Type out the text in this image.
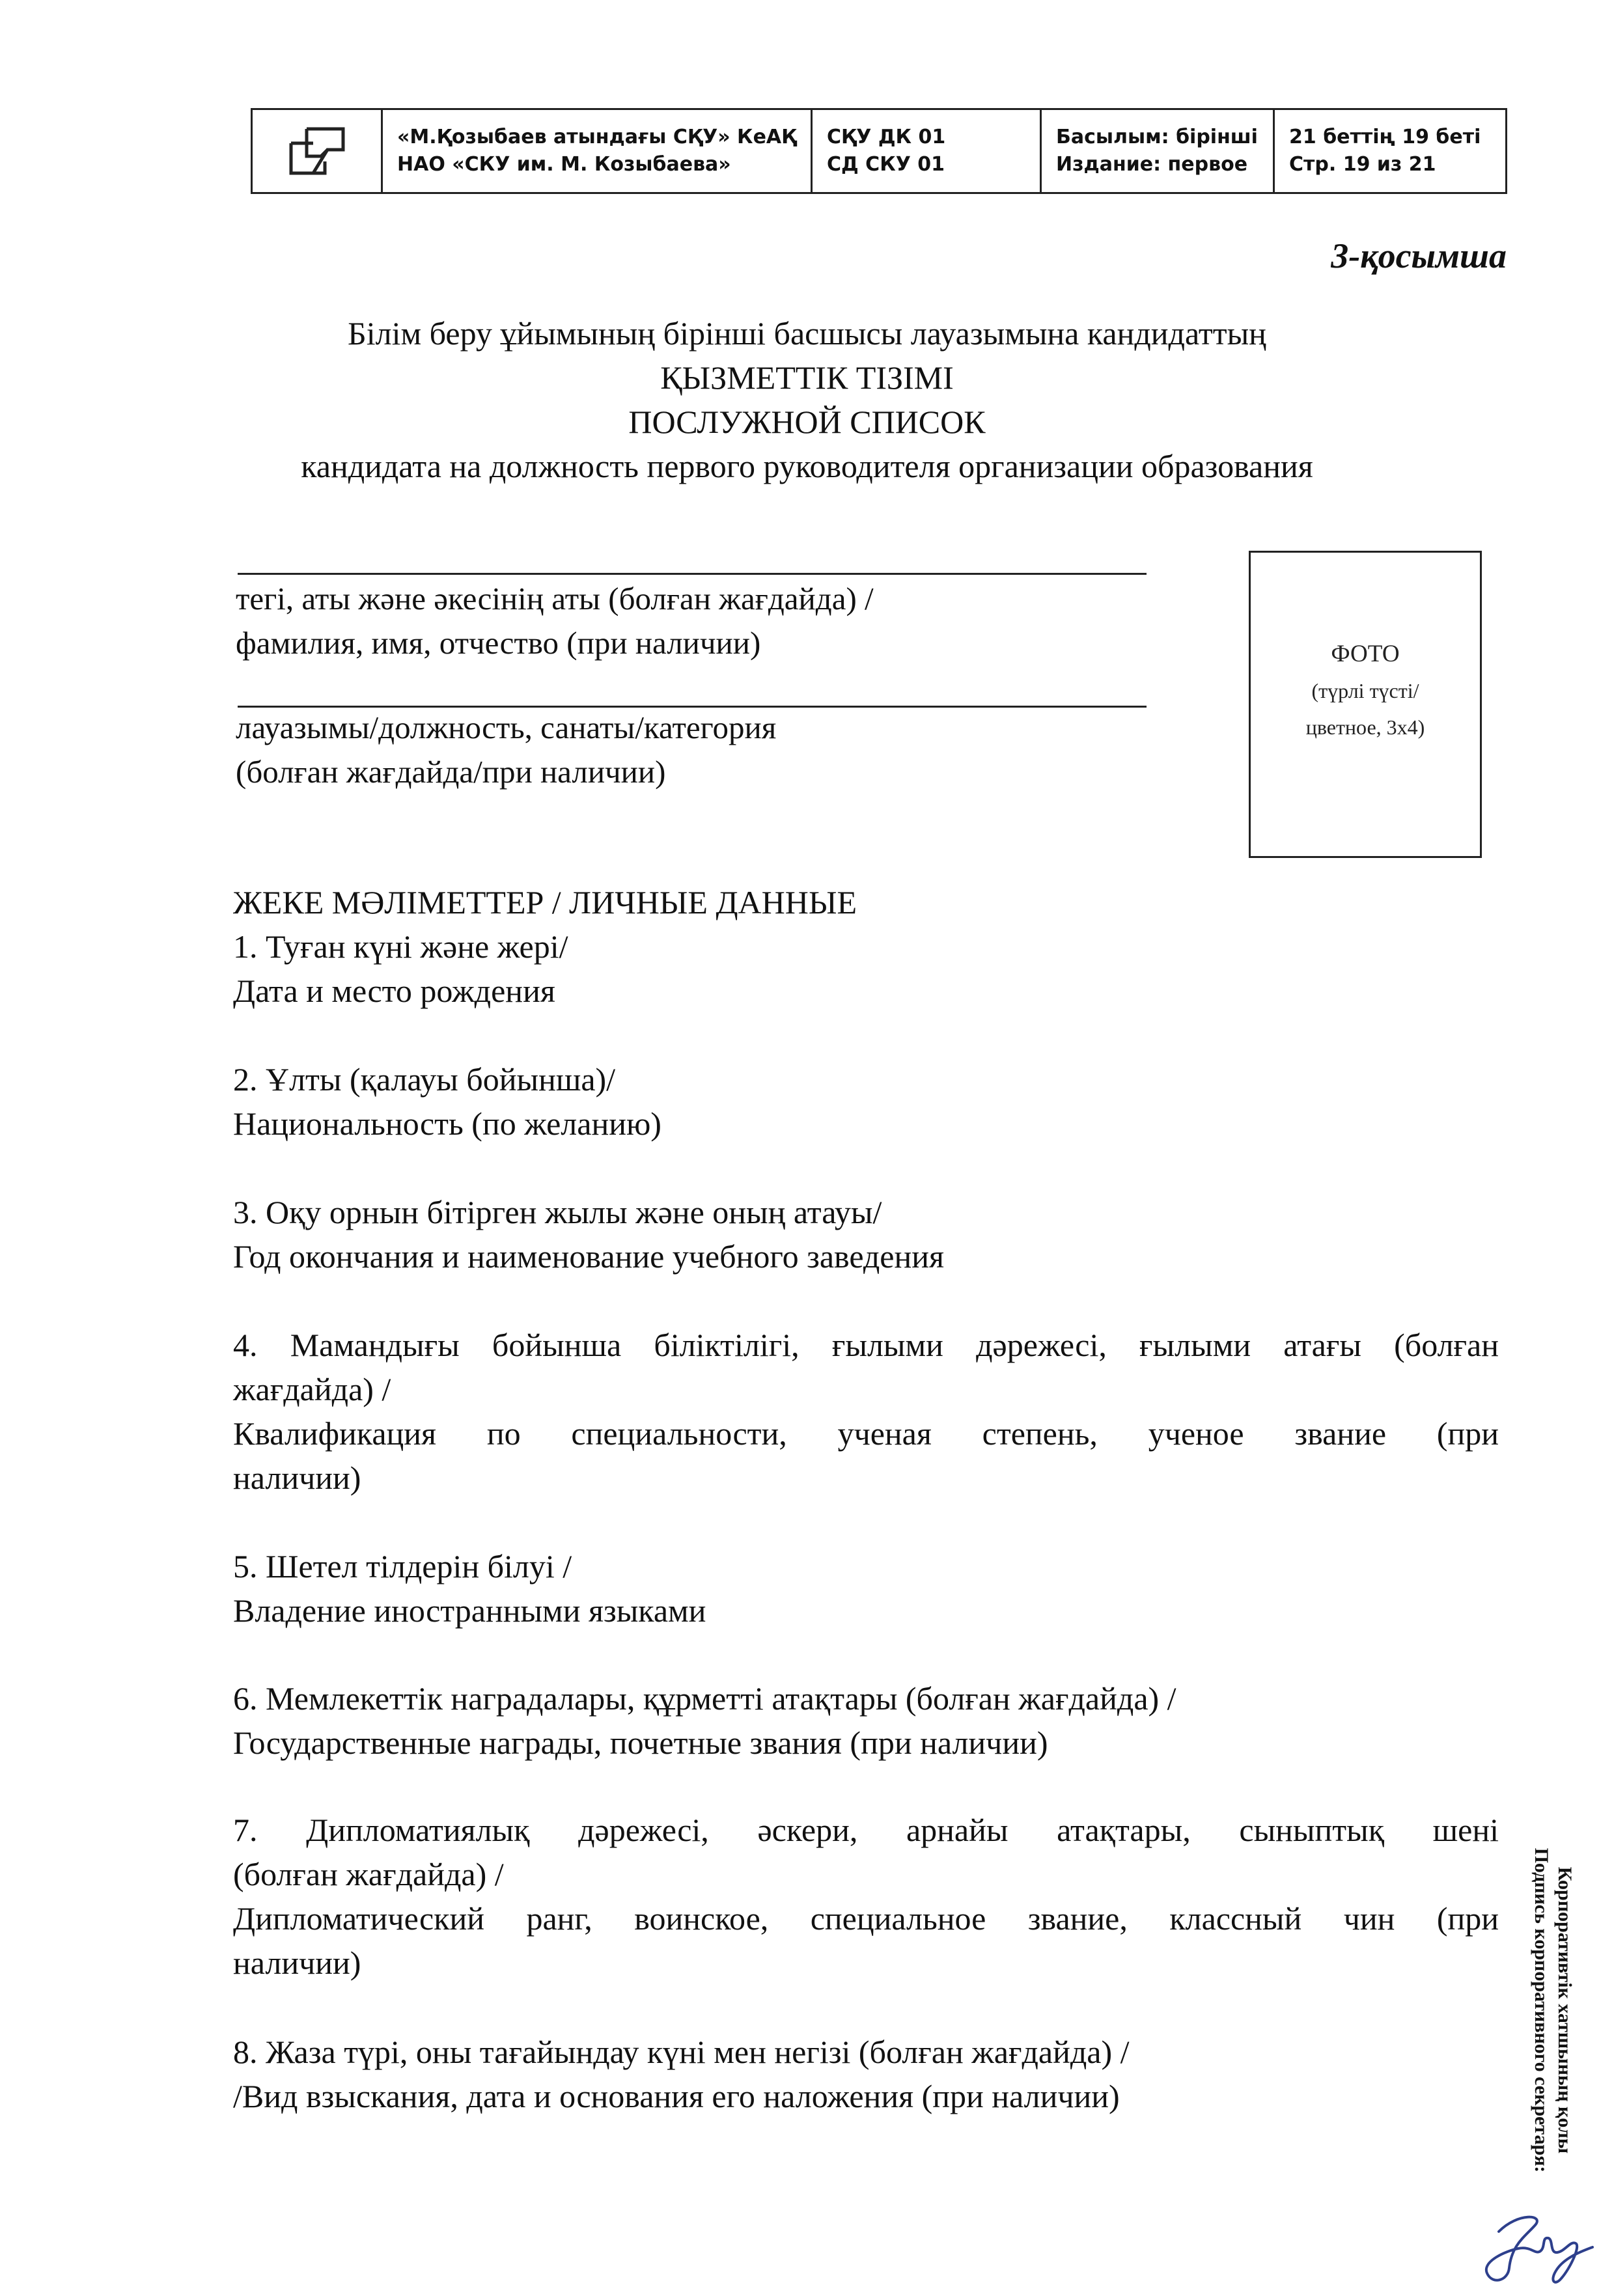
«М.Қозыбаев атындағы СҚУ» КеАҚ
НАО «СКУ им. М. Козыбаева»
СҚУ ДК 01
СД СКУ 01
Басылым: бірінші
Издание: первое
21 беттің 19 беті
Стр. 19 из 21
3-қосымша
Білім беру ұйымының бірінші басшысы лауазымына кандидаттың
ҚЫЗМЕТТІК ТІЗІМІ
ПОСЛУЖНОЙ СПИСОК
кандидата на должность первого руководителя организации образования
тегі, аты және әкесінің аты (болған жағдайда) /
фамилия, имя, отчество (при наличии)
лауазымы/должность, санаты/категория
(болған жағдайда/при наличии)
ФОТО
(түрлі түсті/
цветное, 3х4)
ЖЕКЕ МӘЛІМЕТТЕР / ЛИЧНЫЕ ДАННЫЕ
1. Туған күні және жері/
Дата и место рождения
2. Ұлты (қалауы бойынша)/
Национальность (по желанию)
3. Оқу орнын бітірген жылы және оның атауы/
Год окончания и наименование учебного заведения
4. Мамандығы бойынша біліктілігі, ғылыми дәрежесі, ғылыми атағы (болған
жағдайда) /
Квалификация по специальности, ученая степень, ученое звание (при
наличии)
5. Шетел тілдерін білуі /
Владение иностранными языками
6. Мемлекеттік наградалары, құрметті атақтары (болған жағдайда) /
Государственные награды, почетные звания (при наличии)
7. Дипломатиялық дәрежесі, әскери, арнайы атақтары, сыныптық шені
(болған жағдайда) /
Дипломатический ранг, воинское, специальное звание, классный чин (при
наличии)
8. Жаза түрі, оны тағайындау күні мен негізі (болған жағдайда) /
/Вид взыскания, дата и основания его наложения (при наличии)	Корпоративтік хатшының қолы
Подпись корпоративного секретаря:
